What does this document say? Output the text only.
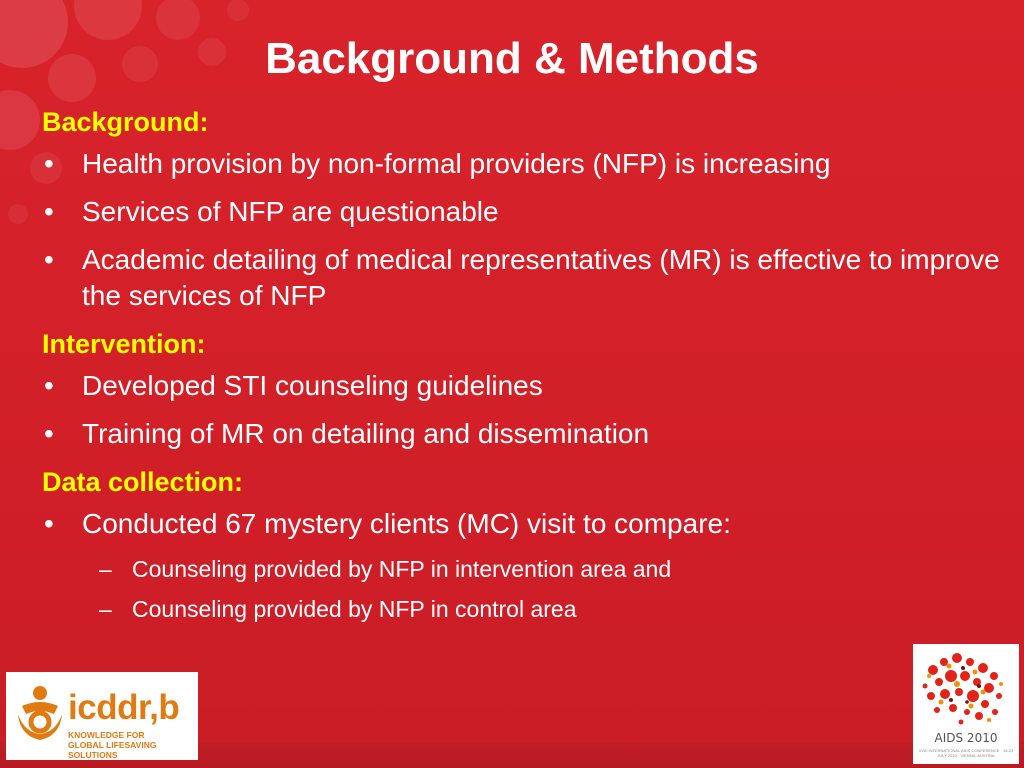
Background & Methods
Background:
• Health provision by non-formal providers (NFP) is increasing
• Services of NFP are questionable
• Academic detailing of medical representatives (MR) is effective to improve the services of NFP
Intervention:
• Developed STI counseling guidelines
• Training of MR on detailing and dissemination
Data collection:
• Conducted 67 mystery clients (MC) visit to compare:
– Counseling provided by NFP in intervention area and
– Counseling provided by NFP in control area
icddr,b
KNOWLEDGE FOR
GLOBAL LIFESAVING SOLUTIONS
AIDS 2010
XVIII INTERNATIONAL AIDS CONFERENCE · 18-23 JULY 2010 · VIENNA, AUSTRIA
